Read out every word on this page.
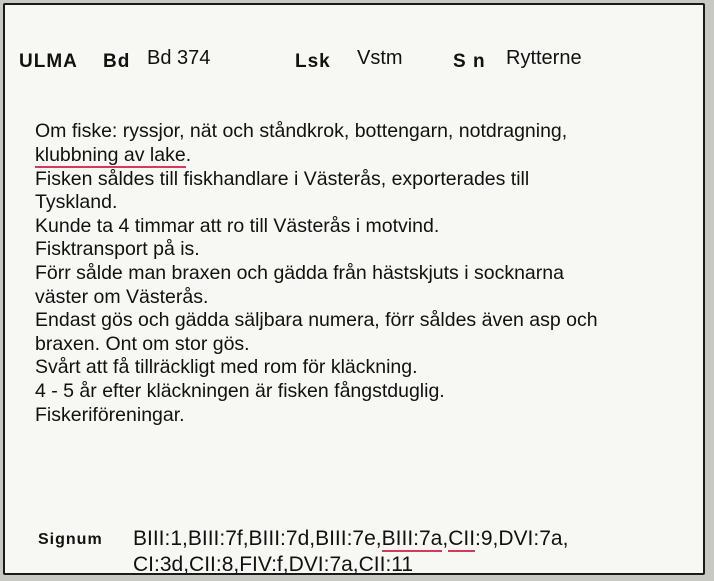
ULMA Bd Bd 374	Lsk Vstm	S n Rytterne
Om fiske: ryssjor, nät och ståndkrok, bottengarn, notdragning,
klubbning av lake.
Fisken såldes till fiskhandlare i Västerås, exporterades till
Tyskland.
Kunde ta 4 timmar att ro till Västerås i motvind.
Fisktransport på is.
Förr sålde man braxen och gädda från hästskjuts i socknarna
väster om Västerås.
Endast gös och gädda säljbara numera, förr såldes även asp och
braxen. Ont om stor gös.
Svårt att få tillräckligt med rom för kläckning.
4 - 5 år efter kläckningen är fisken fångstduglig.
Fiskeriföreningar.
Signum BIII:1,BIII:7f,BIII:7d,BIII:7e,BIII:7a,CII:9,DVI:7a,
CI:3d,CII:8,FIV:f,DVI:7a,CII:11
